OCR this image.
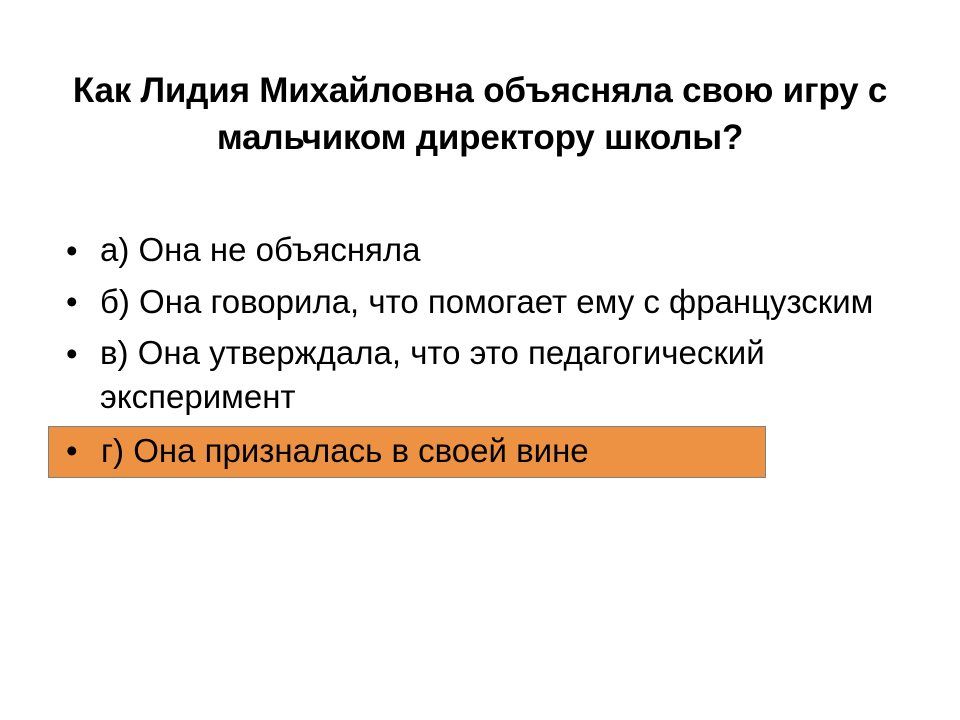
Как Лидия Михайловна объясняла свою игру с мальчиком директору школы?
• а) Она не объясняла
• б) Она говорила, что помогает ему с французским
• в) Она утверждала, что это педагогический эксперимент
• г) Она призналась в своей вине
